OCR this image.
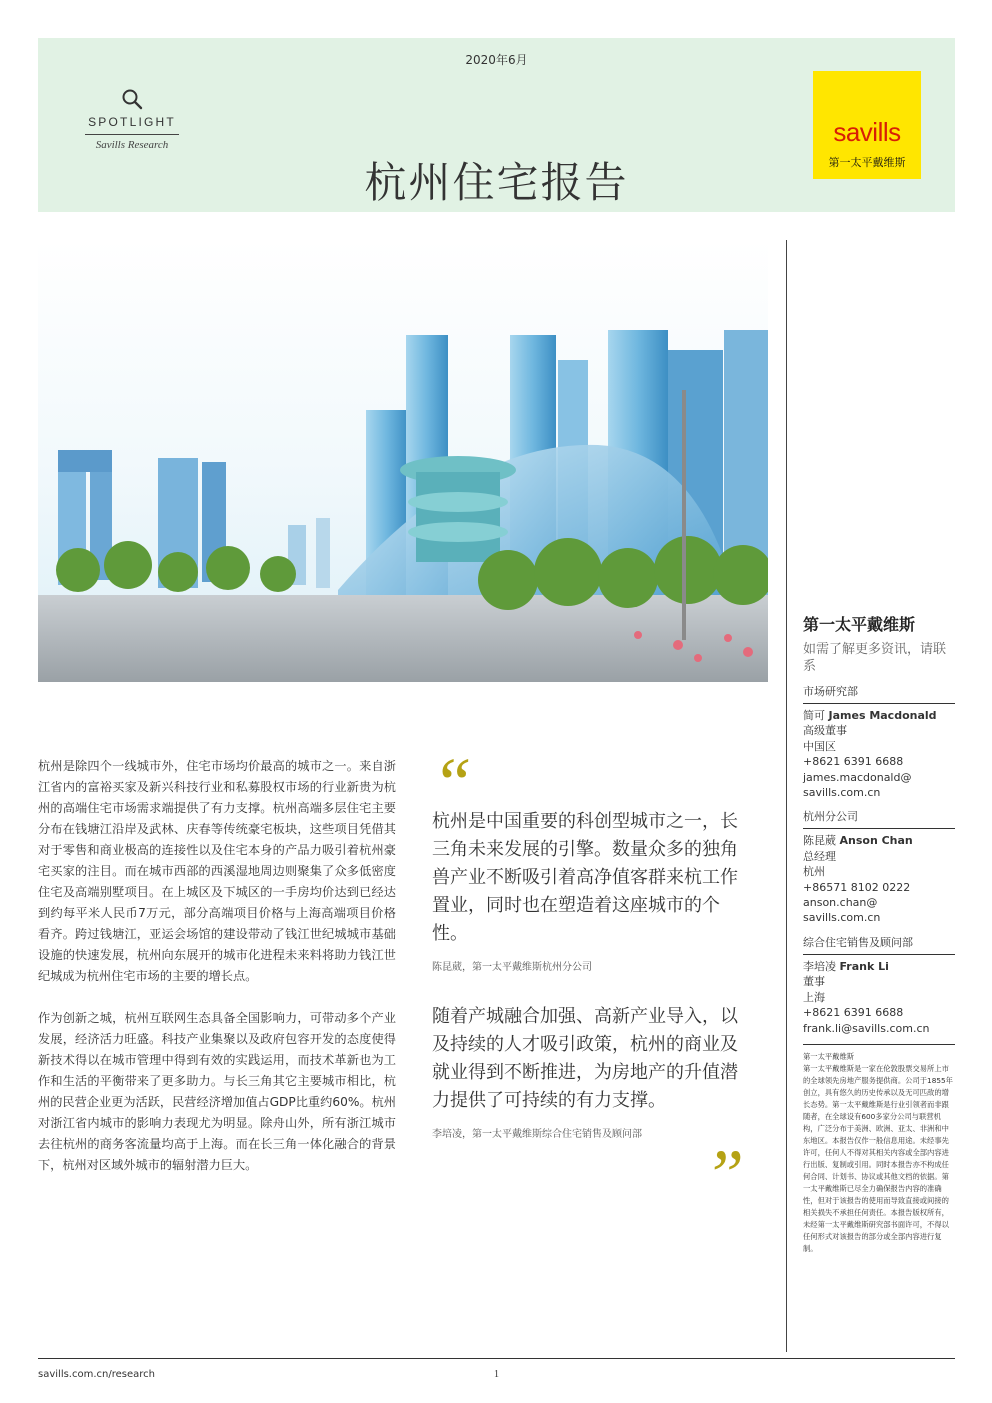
2020年6月
SPOTLIGHT
Savills Research
杭州住宅报告
savills
第一太平戴维斯

杭州是除四个一线城市外，住宅市场均价最高的城市之一。来自浙江省内的富裕买家及新兴科技行业和私募股权市场的行业新贵为杭州的高端住宅市场需求端提供了有力支撑。杭州高端多层住宅主要分布在钱塘江沿岸及武林、庆春等传统豪宅板块，这些项目凭借其对于零售和商业极高的连接性以及住宅本身的产品力吸引着杭州豪宅买家的注目。而在城市西部的西溪湿地周边则聚集了众多低密度住宅及高端别墅项目。在上城区及下城区的一手房均价达到已经达到约每平米人民币7万元，部分高端项目价格与上海高端项目价格看齐。跨过钱塘江，亚运会场馆的建设带动了钱江世纪城城市基础设施的快速发展，杭州向东展开的城市化进程未来料将助力钱江世纪城成为杭州住宅市场的主要的增长点。

作为创新之城，杭州互联网生态具备全国影响力，可带动多个产业发展，经济活力旺盛。科技产业集聚以及政府包容开发的态度使得新技术得以在城市管理中得到有效的实践运用，而技术革新也为工作和生活的平衡带来了更多助力。与长三角其它主要城市相比，杭州的民营企业更为活跃，民营经济增加值占GDP比重约60%。杭州对浙江省内城市的影响力表现尤为明显。除舟山外，所有浙江城市去往杭州的商务客流量均高于上海。而在长三角一体化融合的背景下，杭州对区域外城市的辐射潜力巨大。

“
杭州是中国重要的科创型城市之一，长三角未来发展的引擎。数量众多的独角兽产业不断吸引着高净值客群来杭工作置业，同时也在塑造着这座城市的个性。
陈昆葳，第一太平戴维斯杭州分公司
随着产城融合加强、高新产业导入，以及持续的人才吸引政策，杭州的商业及就业得到不断推进，为房地产的升值潜力提供了可持续的有力支撑。
李培凌，第一太平戴维斯综合住宅销售及顾问部
”
第一太平戴维斯
如需了解更多资讯，请联系
市场研究部
简可 James Macdonald
高级董事
中国区
+8621 6391 6688
james.macdonald@
savills.com.cn
杭州分公司
陈昆葳 Anson Chan
总经理
杭州
+86571 8102 0222
anson.chan@
savills.com.cn
综合住宅销售及顾问部
李培凌 Frank Li
董事
上海
+8621 6391 6688
frank.li@savills.com.cn
第一太平戴维斯
第一太平戴维斯是一家在伦敦股票交易所上市的全球领先房地产服务提供商。公司于1855年创立，具有悠久的历史传承以及无可匹敌的增长态势。第一太平戴维斯是行业引领者而非跟随者，在全球设有600多家分公司与联营机构，广泛分布于美洲、欧洲、亚太、非洲和中东地区。本报告仅作一般信息用途。未经事先许可，任何人不得对其相关内容或全部内容进行出版、复制或引用。同时本报告亦不构成任何合同、计划书、协议或其他文档的依据。第一太平戴维斯已尽全力确保报告内容的准确性，但对于该报告的使用而导致直接或间接的相关损失不承担任何责任。本报告版权所有，未经第一太平戴维斯研究部书面许可，不得以任何形式对该报告的部分或全部内容进行复制。
savills.com.cn/research	1
